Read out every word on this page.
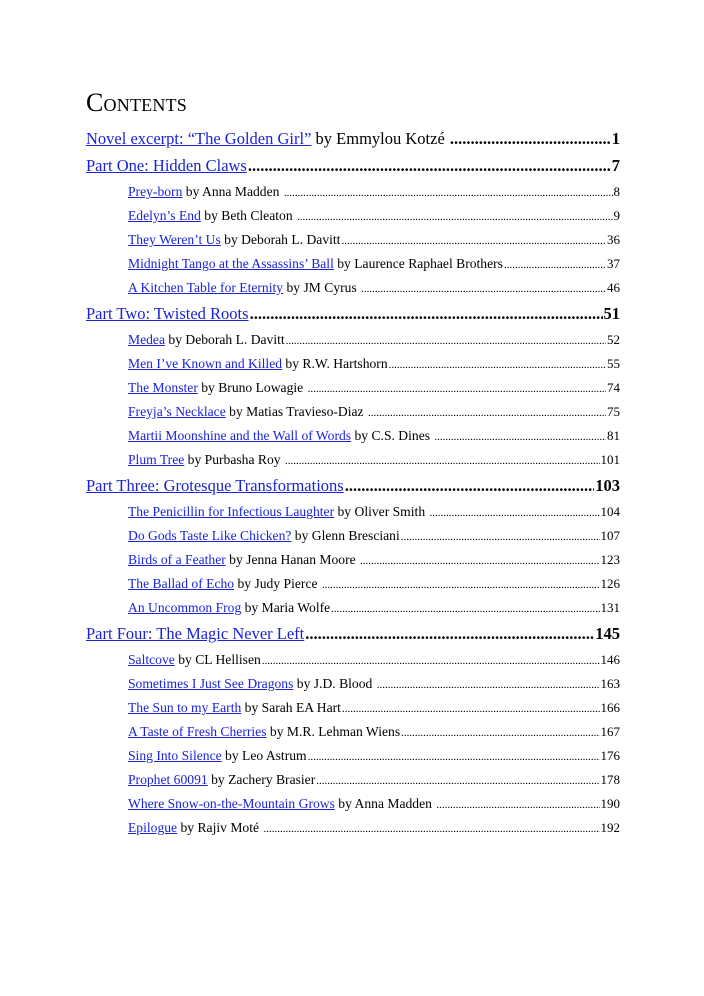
Contents
Novel excerpt: “The Golden Girl” by Emmylou Kotzé .....	1
Part One: Hidden Claws .....	7
Prey-born by Anna Madden .....	8
Edelyn’s End by Beth Cleaton .....	9
They Weren’t Us by Deborah L. Davitt .....	36
Midnight Tango at the Assassins’ Ball by Laurence Raphael Brothers .....	37
A Kitchen Table for Eternity by JM Cyrus .....	46
Part Two: Twisted Roots .....	51
Medea by Deborah L. Davitt .....	52
Men I’ve Known and Killed by R.W. Hartshorn .....	55
The Monster by Bruno Lowagie .....	74
Freyja’s Necklace by Matias Travieso-Diaz .....	75
Martii Moonshine and the Wall of Words by C.S. Dines .....	81
Plum Tree by Purbasha Roy .....	101
Part Three: Grotesque Transformations .....	103
The Penicillin for Infectious Laughter by Oliver Smith .....	104
Do Gods Taste Like Chicken? by Glenn Bresciani .....	107
Birds of a Feather by Jenna Hanan Moore .....	123
The Ballad of Echo by Judy Pierce .....	126
An Uncommon Frog by Maria Wolfe .....	131
Part Four: The Magic Never Left .....	145
Saltcove by CL Hellisen .....	146
Sometimes I Just See Dragons by J.D. Blood .....	163
The Sun to my Earth by Sarah EA Hart .....	166
A Taste of Fresh Cherries by M.R. Lehman Wiens .....	167
Sing Into Silence by Leo Astrum .....	176
Prophet 60091 by Zachery Brasier .....	178
Where Snow-on-the-Mountain Grows by Anna Madden .....	190
Epilogue by Rajiv Moté .....	192
